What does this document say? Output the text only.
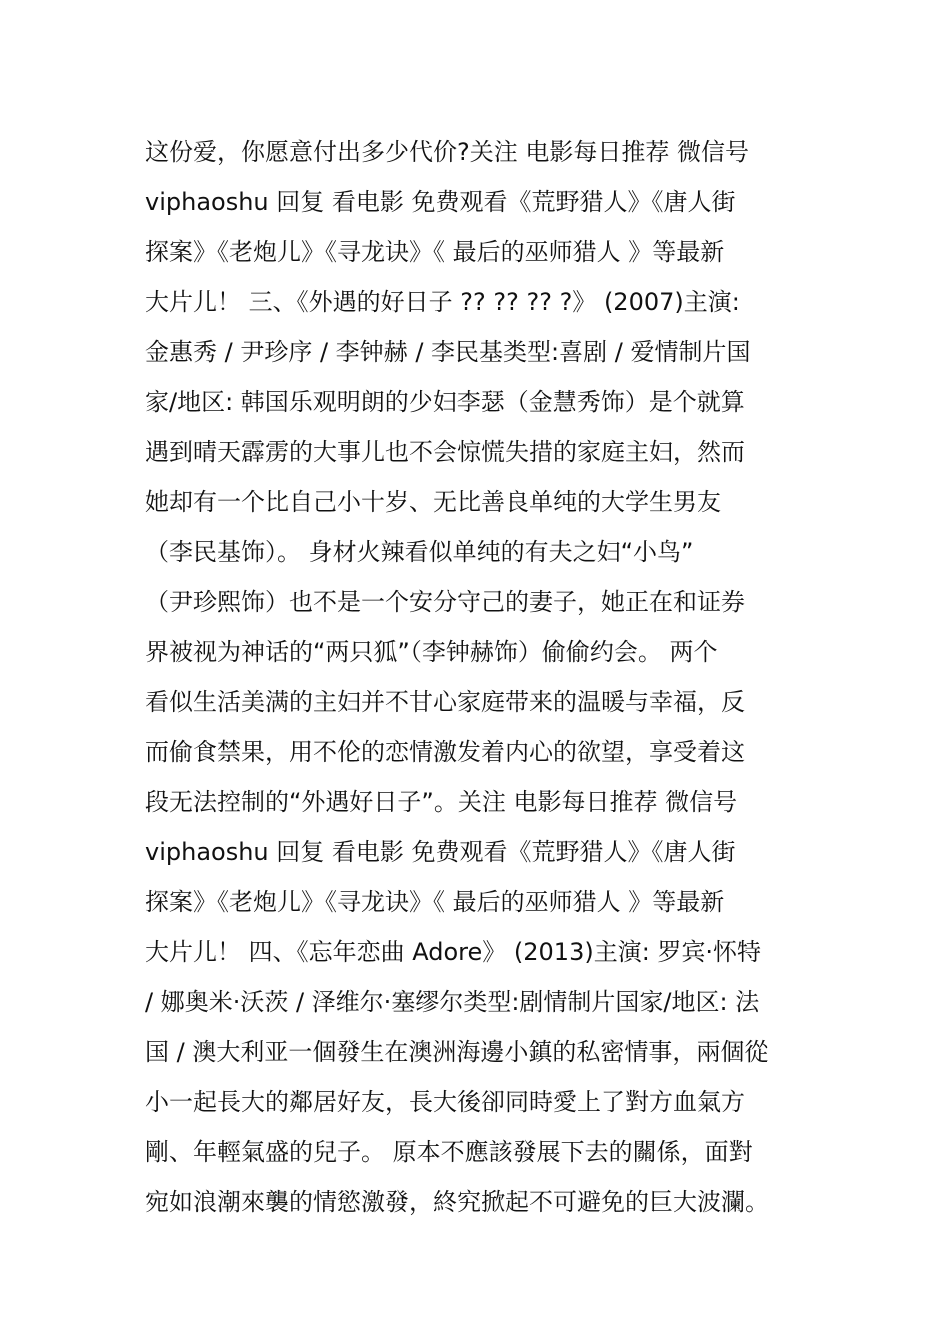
这份爱，你愿意付出多少代价?关注 电影每日推荐 微信号
viphaoshu 回复 看电影 免费观看《荒野猎人》《唐人街
探案》《老炮儿》《寻龙诀》《 最后的巫师猎人 》等最新
大片儿！ 三、《外遇的好日子 ?? ?? ?? ?》 (2007)主演:
金惠秀 / 尹珍序 / 李钟赫 / 李民基类型:喜剧 / 爱情制片国
家/地区: 韩国乐观明朗的少妇李瑟（金慧秀饰）是个就算
遇到晴天霹雳的大事儿也不会惊慌失措的家庭主妇，然而
她却有一个比自己小十岁、无比善良单纯的大学生男友
（李民基饰）。 身材火辣看似单纯的有夫之妇“小鸟”
（尹珍熙饰）也不是一个安分守己的妻子，她正在和证券
界被视为神话的“两只狐”（李钟赫饰）偷偷约会。 两个
看似生活美满的主妇并不甘心家庭带来的温暖与幸福，反
而偷食禁果，用不伦的恋情激发着内心的欲望，享受着这
段无法控制的“外遇好日子”。关注 电影每日推荐 微信号
viphaoshu 回复 看电影 免费观看《荒野猎人》《唐人街
探案》《老炮儿》《寻龙诀》《 最后的巫师猎人 》等最新
大片儿！ 四、《忘年恋曲 Adore》 (2013)主演: 罗宾·怀特
/ 娜奥米·沃茨 / 泽维尔·塞缪尔类型:剧情制片国家/地区: 法
国 / 澳大利亚一個發生在澳洲海邊小鎮的私密情事，兩個從
小一起長大的鄰居好友，長大後卻同時愛上了對方血氣方
剛、年輕氣盛的兒子。 原本不應該發展下去的關係，面對
宛如浪潮來襲的情慾激發，終究掀起不可避免的巨大波瀾。
